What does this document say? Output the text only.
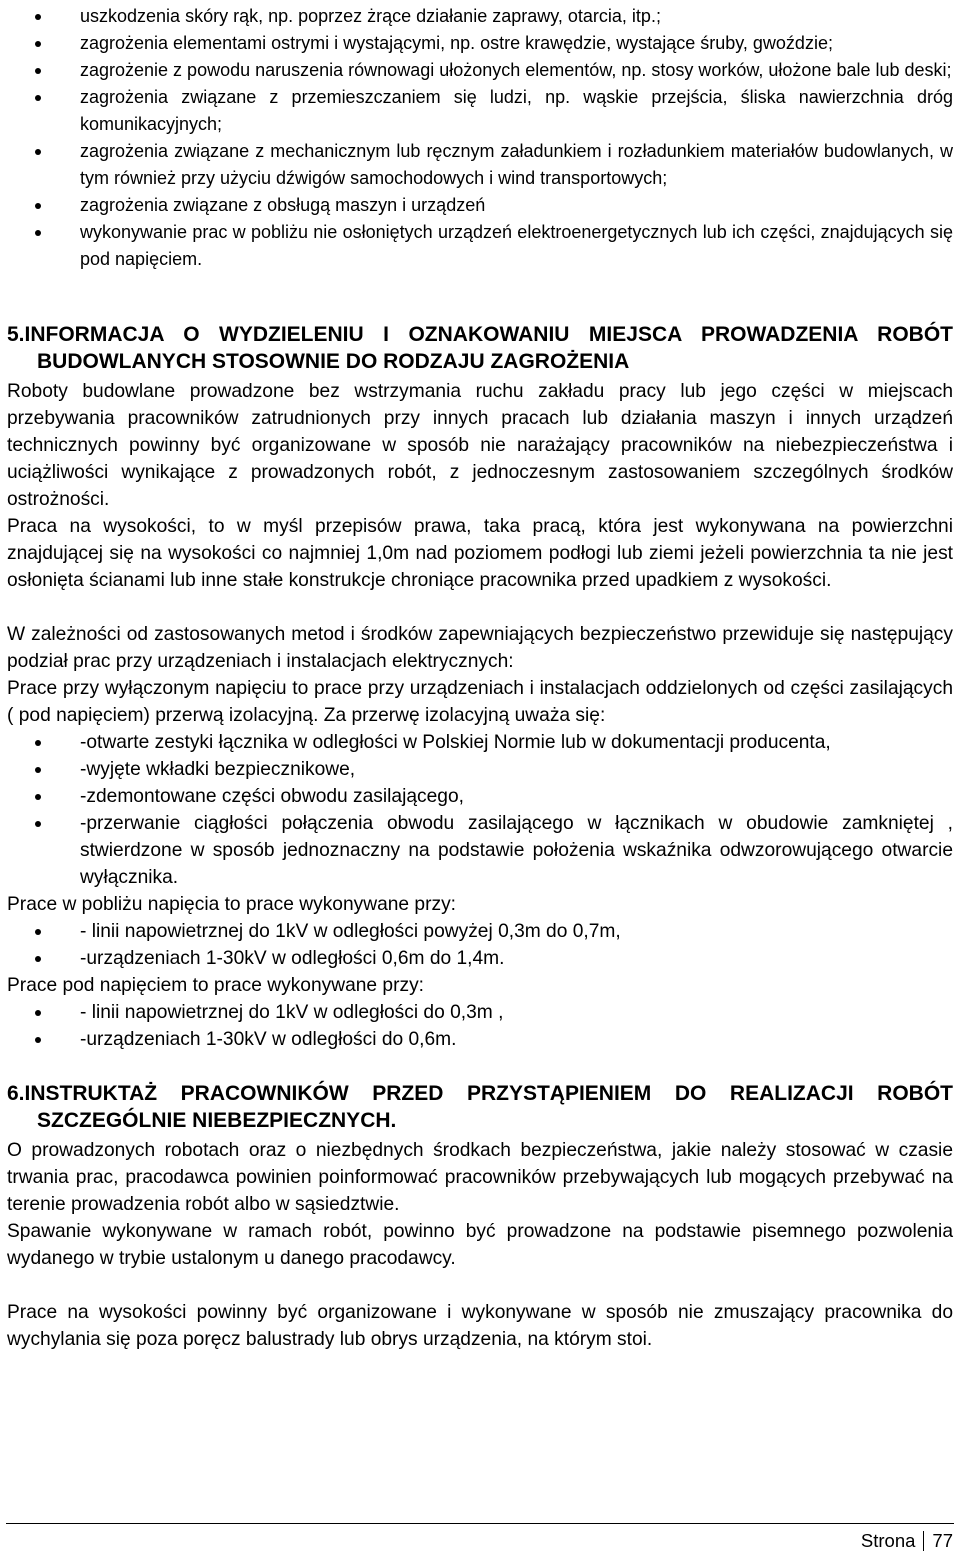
uszkodzenia skóry rąk, np. poprzez żrące działanie zaprawy, otarcia, itp.;
zagrożenia elementami ostrymi i wystającymi, np. ostre krawędzie, wystające śruby, gwoździe;
zagrożenie z powodu naruszenia równowagi ułożonych elementów, np. stosy worków, ułożone bale lub deski;
zagrożenia związane z przemieszczaniem się ludzi, np. wąskie przejścia, śliska nawierzchnia dróg komunikacyjnych;
zagrożenia związane z mechanicznym lub ręcznym załadunkiem i rozładunkiem materiałów budowlanych, w tym również przy użyciu dźwigów samochodowych i wind transportowych;
zagrożenia związane z obsługą maszyn i urządzeń
wykonywanie prac w pobliżu nie osłoniętych urządzeń elektroenergetycznych lub ich części, znajdujących się pod napięciem.
5.INFORMACJA O WYDZIELENIU I OZNAKOWANIU MIEJSCA PROWADZENIA ROBÓT BUDOWLANYCH STOSOWNIE DO RODZAJU ZAGROŻENIA

Roboty budowlane prowadzone bez wstrzymania ruchu zakładu pracy lub jego części w miejscach przebywania pracowników zatrudnionych przy innych pracach lub działania maszyn i innych urządzeń technicznych powinny być organizowane w sposób nie narażający pracowników na niebezpieczeństwa i uciążliwości wynikające z prowadzonych robót, z jednoczesnym zastosowaniem szczególnych środków ostrożności.

Praca na wysokości, to w myśl przepisów prawa, taka pracą, która jest wykonywana na powierzchni znajdującej się na wysokości co najmniej 1,0m nad poziomem podłogi lub ziemi jeżeli powierzchnia ta nie jest osłonięta ścianami lub inne stałe konstrukcje chroniące pracownika przed upadkiem z wysokości.

W zależności od zastosowanych metod i środków zapewniających bezpieczeństwo przewiduje się następujący podział prac przy urządzeniach i instalacjach elektrycznych:

Prace przy wyłączonym napięciu to prace przy urządzeniach i instalacjach oddzielonych od części zasilających ( pod napięciem) przerwą izolacyjną. Za przerwę izolacyjną uważa się:

-otwarte zestyki łącznika w odległości w Polskiej Normie lub w dokumentacji producenta,
-wyjęte wkładki bezpiecznikowe,
-zdemontowane części obwodu zasilającego,
-przerwanie ciągłości połączenia obwodu zasilającego w łącznikach w obudowie zamkniętej , stwierdzone w sposób jednoznaczny na podstawie położenia wskaźnika odwzorowującego otwarcie wyłącznika.

Prace w pobliżu napięcia to prace wykonywane przy:

- linii napowietrznej do 1kV w odległości powyżej 0,3m do 0,7m,
-urządzeniach 1-30kV w odległości 0,6m do 1,4m.

Prace pod napięciem to prace wykonywane przy:

- linii napowietrznej do 1kV w odległości do 0,3m ,
-urządzeniach 1-30kV w odległości do 0,6m.
6.INSTRUKTAŻ PRACOWNIKÓW PRZED PRZYSTĄPIENIEM DO REALIZACJI ROBÓT SZCZEGÓLNIE NIEBEZPIECZNYCH.

O prowadzonych robotach oraz o niezbędnych środkach bezpieczeństwa, jakie należy stosować w czasie trwania prac, pracodawca powinien poinformować pracowników przebywających lub mogących przebywać na terenie prowadzenia robót albo w sąsiedztwie.

Spawanie wykonywane w ramach robót, powinno być prowadzone na podstawie pisemnego pozwolenia wydanego w trybie ustalonym u danego pracodawcy.

Prace na wysokości powinny być organizowane i wykonywane w sposób nie zmuszający pracownika do wychylania się poza poręcz balustrady lub obrys urządzenia, na którym stoi.

Strona 77
